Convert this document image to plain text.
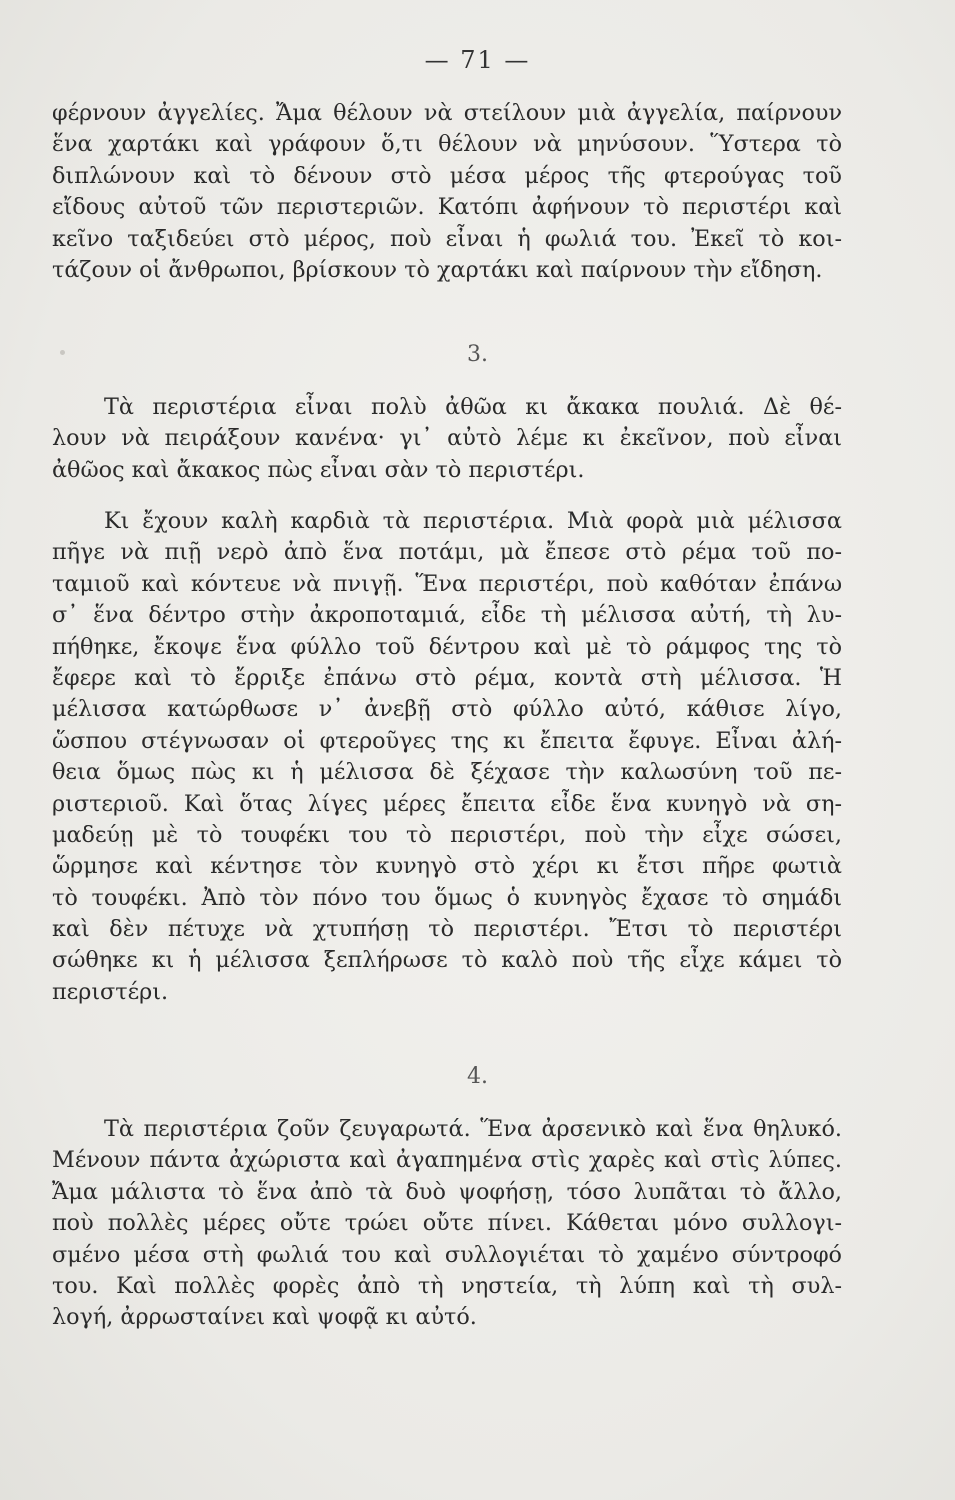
— 71 —
φέρνουν ἀγγελίες. Ἄμα θέλουν νὰ στείλουν μιὰ ἀγγελία, παίρνουν
ἕνα χαρτάκι καὶ γράφουν ὅ,τι θέλουν νὰ μηνύσουν. Ὕστερα τὸ
διπλώνουν καὶ τὸ δένουν στὸ μέσα μέρος τῆς φτερούγας τοῦ
εἴδους αὐτοῦ τῶν περιστεριῶν. Κατόπι ἀφήνουν τὸ περιστέρι καὶ
κεῖνο ταξιδεύει στὸ μέρος, ποὺ εἶναι ἡ φωλιά του. Ἐκεῖ τὸ κοι-
τάζουν οἱ ἄνθρωποι, βρίσκουν τὸ χαρτάκι καὶ παίρνουν τὴν εἴδηση.
3.
Τὰ περιστέρια εἶναι πολὺ ἀθῶα κι ἄκακα πουλιά. Δὲ θέ-
λουν νὰ πειράξουν κανένα· γι᾽ αὐτὸ λέμε κι ἐκεῖνον, ποὺ εἶναι
ἀθῶος καὶ ἄκακος πὼς εἶναι σὰν τὸ περιστέρι.
Κι ἔχουν καλὴ καρδιὰ τὰ περιστέρια. Μιὰ φορὰ μιὰ μέλισσα
πῆγε νὰ πιῇ νερὸ ἀπὸ ἕνα ποτάμι, μὰ ἔπεσε στὸ ρέμα τοῦ πο-
ταμιοῦ καὶ κόντευε νὰ πνιγῇ. Ἕνα περιστέρι, ποὺ καθόταν ἐπάνω
σ᾽ ἕνα δέντρο στὴν ἀκροποταμιά, εἶδε τὴ μέλισσα αὐτή, τὴ λυ-
πήθηκε, ἔκοψε ἕνα φύλλο τοῦ δέντρου καὶ μὲ τὸ ράμφος της τὸ
ἔφερε καὶ τὸ ἔρριξε ἐπάνω στὸ ρέμα, κοντὰ στὴ μέλισσα. Ἡ
μέλισσα κατώρθωσε ν᾽ ἀνεβῇ στὸ φύλλο αὐτό, κάθισε λίγο,
ὥσπου στέγνωσαν οἱ φτεροῦγες της κι ἔπειτα ἔφυγε. Εἶναι ἀλή-
θεια ὅμως πὼς κι ἡ μέλισσα δὲ ξέχασε τὴν καλωσύνη τοῦ πε-
ριστεριοῦ. Καὶ ὅτας λίγες μέρες ἔπειτα εἶδε ἕνα κυνηγὸ νὰ ση-
μαδεύῃ μὲ τὸ τουφέκι του τὸ περιστέρι, ποὺ τὴν εἶχε σώσει,
ὥρμησε καὶ κέντησε τὸν κυνηγὸ στὸ χέρι κι ἔτσι πῆρε φωτιὰ
τὸ τουφέκι. Ἀπὸ τὸν πόνο του ὅμως ὁ κυνηγὸς ἔχασε τὸ σημάδι
καὶ δὲν πέτυχε νὰ χτυπήσῃ τὸ περιστέρι. Ἔτσι τὸ περιστέρι
σώθηκε κι ἡ μέλισσα ξεπλήρωσε τὸ καλὸ ποὺ τῆς εἶχε κάμει τὸ
περιστέρι.
4.
Τὰ περιστέρια ζοῦν ζευγαρωτά. Ἕνα ἀρσενικὸ καὶ ἕνα θηλυκό.
Μένουν πάντα ἀχώριστα καὶ ἀγαπημένα στὶς χαρὲς καὶ στὶς λύπες.
Ἄμα μάλιστα τὸ ἕνα ἀπὸ τὰ δυὸ ψοφήσῃ, τόσο λυπᾶται τὸ ἄλλο,
ποὺ πολλὲς μέρες οὔτε τρώει οὔτε πίνει. Κάθεται μόνο συλλογι-
σμένο μέσα στὴ φωλιά του καὶ συλλογιέται τὸ χαμένο σύντροφό
του. Καὶ πολλὲς φορὲς ἀπὸ τὴ νηστεία, τὴ λύπη καὶ τὴ συλ-
λογή, ἀρρωσταίνει καὶ ψοφᾷ κι αὐτό.
